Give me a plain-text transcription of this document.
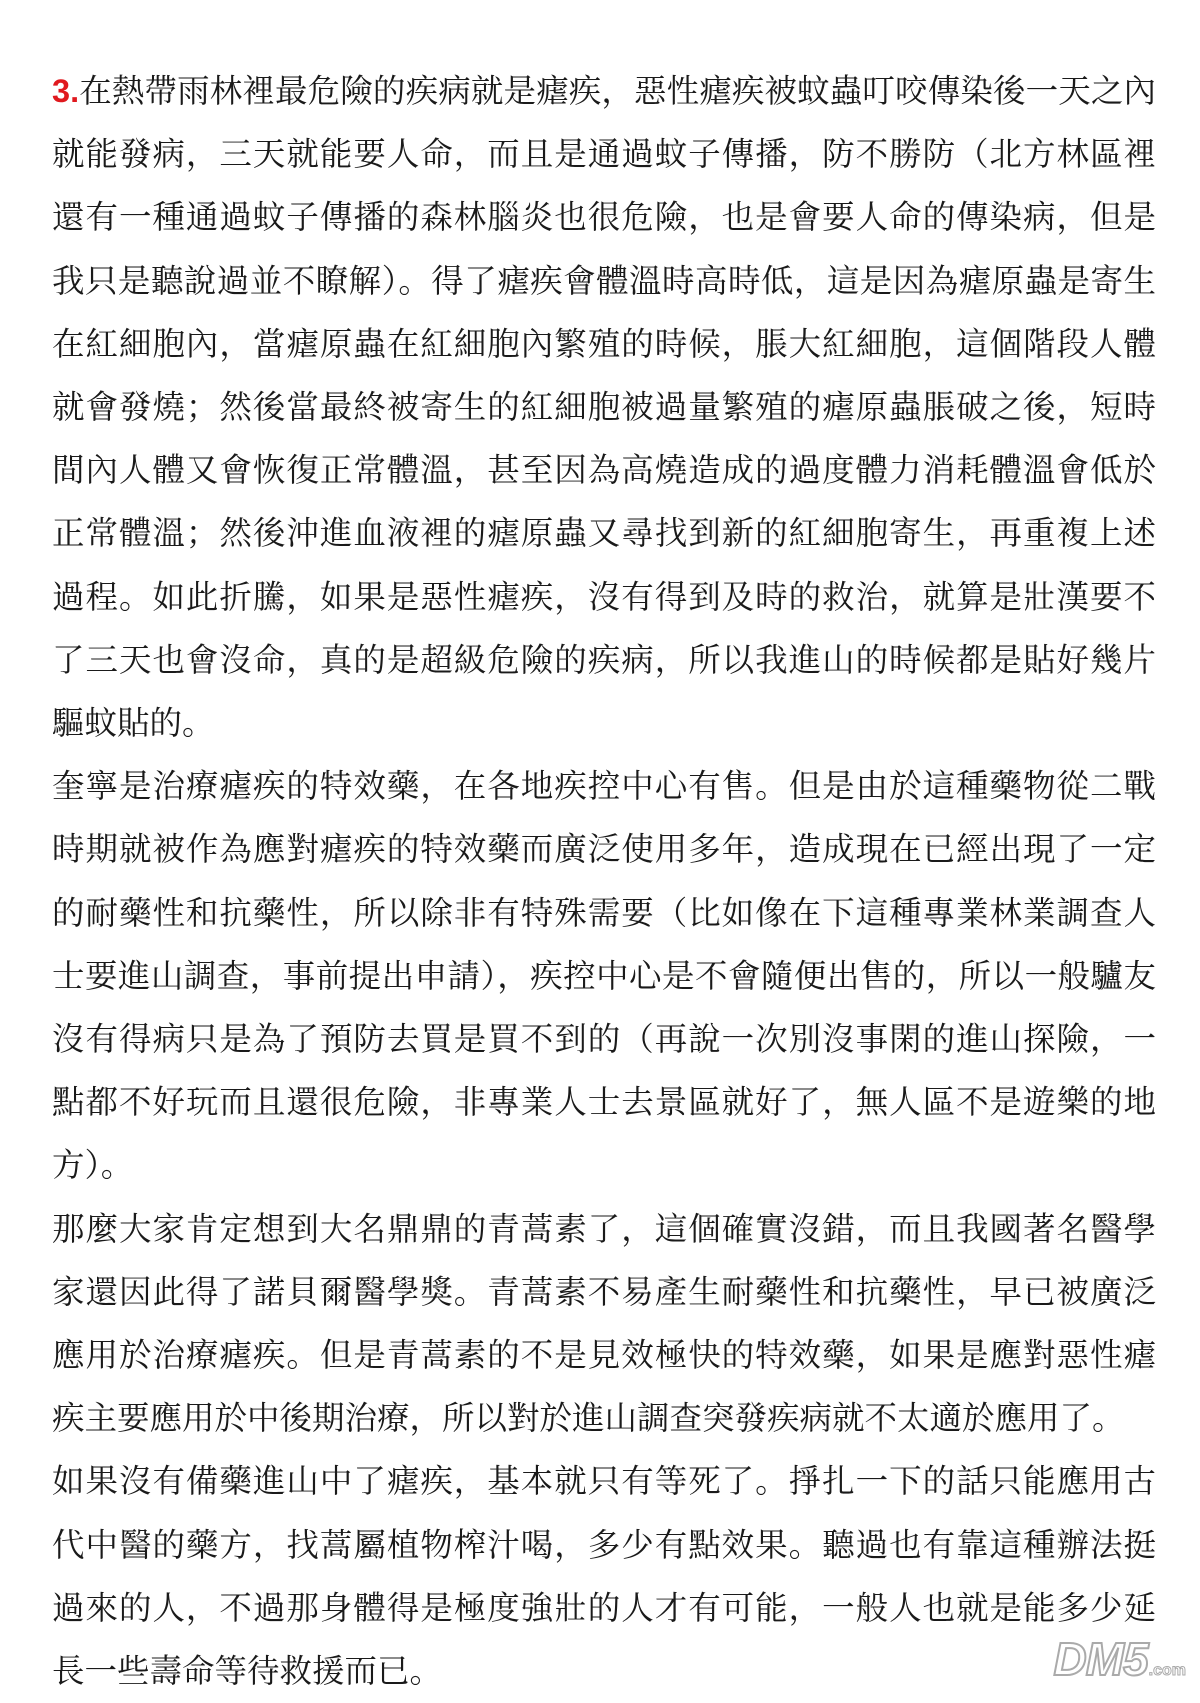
3.在熱帶雨林裡最危險的疾病就是瘧疾，惡性瘧疾被蚊蟲叮咬傳染後一天之內就能發病，三天就能要人命，而且是通過蚊子傳播，防不勝防（北方林區裡還有一種通過蚊子傳播的森林腦炎也很危險，也是會要人命的傳染病，但是我只是聽說過並不瞭解）。得了瘧疾會體溫時高時低，這是因為瘧原蟲是寄生在紅細胞內，當瘧原蟲在紅細胞內繁殖的時候，脹大紅細胞，這個階段人體就會發燒；然後當最終被寄生的紅細胞被過量繁殖的瘧原蟲脹破之後，短時間內人體又會恢復正常體溫，甚至因為高燒造成的過度體力消耗體溫會低於正常體溫；然後沖進血液裡的瘧原蟲又尋找到新的紅細胞寄生，再重複上述過程。如此折騰，如果是惡性瘧疾，沒有得到及時的救治，就算是壯漢要不了三天也會沒命，真的是超級危險的疾病，所以我進山的時候都是貼好幾片驅蚊貼的。

奎寧是治療瘧疾的特效藥，在各地疾控中心有售。但是由於這種藥物從二戰時期就被作為應對瘧疾的特效藥而廣泛使用多年，造成現在已經出現了一定的耐藥性和抗藥性，所以除非有特殊需要（比如像在下這種專業林業調查人士要進山調查，事前提出申請），疾控中心是不會隨便出售的，所以一般驢友沒有得病只是為了預防去買是買不到的（再說一次別沒事閑的進山探險，一點都不好玩而且還很危險，非專業人士去景區就好了，無人區不是遊樂的地方）。

那麼大家肯定想到大名鼎鼎的青蒿素了，這個確實沒錯，而且我國著名醫學家還因此得了諾貝爾醫學獎。青蒿素不易產生耐藥性和抗藥性，早已被廣泛應用於治療瘧疾。但是青蒿素的不是見效極快的特效藥，如果是應對惡性瘧疾主要應用於中後期治療，所以對於進山調查突發疾病就不太適於應用了。

如果沒有備藥進山中了瘧疾，基本就只有等死了。掙扎一下的話只能應用古代中醫的藥方，找蒿屬植物榨汁喝，多少有點效果。聽過也有靠這種辦法挺過來的人，不過那身體得是極度強壯的人才有可能，一般人也就是能多少延長一些壽命等待救援而已。	DM5 .com
